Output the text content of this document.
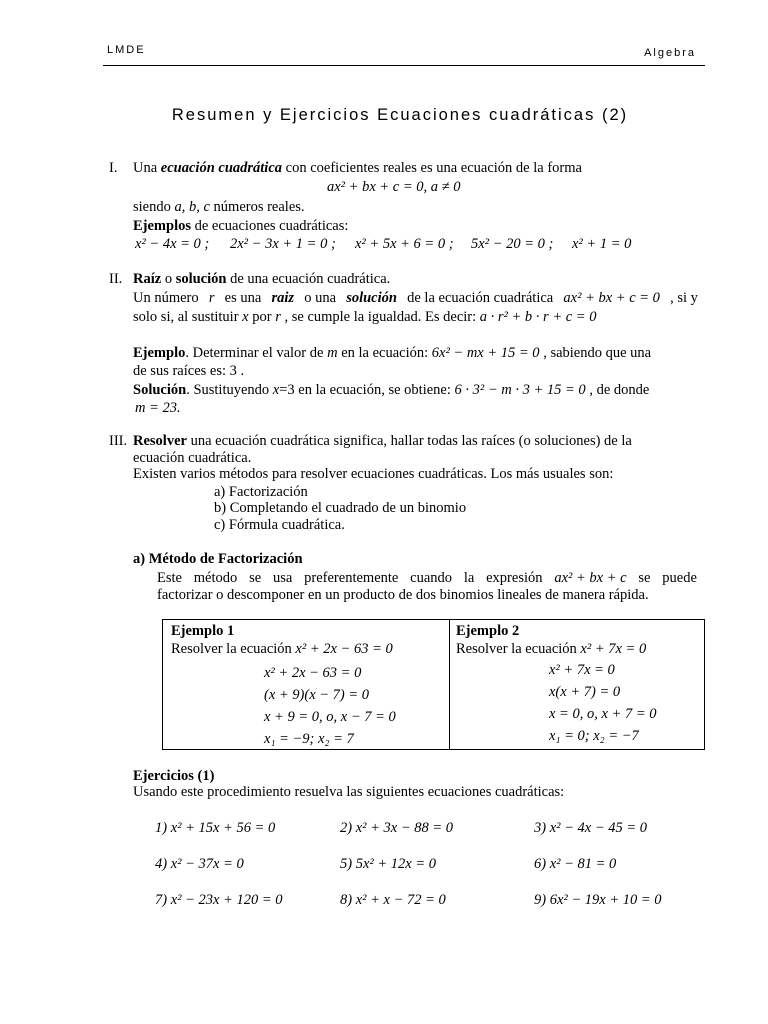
LMDE	Algebra
Resumen y Ejercicios Ecuaciones cuadráticas (2)
I. Una ecuación cuadrática con coeficientes reales es una ecuación de la forma
ax² + bx + c = 0, a ≠ 0
siendo a, b, c números reales.
Ejemplos de ecuaciones cuadráticas:
x² − 4x = 0 ; 2x² − 3x + 1 = 0 ; x² + 5x + 6 = 0 ; 5x² − 20 = 0 ; x² + 1 = 0
II. Raíz o solución de una ecuación cuadrática.
Un número r es una raiz o una solución de la ecuación cuadrática ax² + bx + c = 0 , si y
solo si, al sustituir x por r , se cumple la igualdad. Es decir: a · r² + b · r + c = 0
Ejemplo. Determinar el valor de m en la ecuación: 6x² − mx + 15 = 0 , sabiendo que una
de sus raíces es: 3 .
Solución. Sustituyendo x=3 en la ecuación, se obtiene: 6 · 3² − m · 3 + 15 = 0 , de donde
m = 23.
III. Resolver una ecuación cuadrática significa, hallar todas las raíces (o soluciones) de la
ecuación cuadrática.
Existen varios métodos para resolver ecuaciones cuadráticas. Los más usuales son:
a) Factorización
b) Completando el cuadrado de un binomio
c) Fórmula cuadrática.
a) Método de Factorización
Este método se usa preferentemente cuando la expresión ax² + bx + c se puede
factorizar o descomponer en un producto de dos binomios lineales de manera rápida.
Ejemplo 1
Resolver la ecuación x² + 2x − 63 = 0
x² + 2x − 63 = 0
(x + 9)(x − 7) = 0
x + 9 = 0, o, x − 7 = 0
x₁ = −9; x₂ = 7
Ejemplo 2
Resolver la ecuación x² + 7x = 0
x² + 7x = 0
x(x + 7) = 0
x = 0, o, x + 7 = 0
x₁ = 0; x₂ = −7
Ejercicios (1)
Usando este procedimiento resuelva las siguientes ecuaciones cuadráticas:
1) x² + 15x + 56 = 0	2) x² + 3x − 88 = 0	3) x² − 4x − 45 = 0
4) x² − 37x = 0	5) 5x² + 12x = 0	6) x² − 81 = 0
7) x² − 23x + 120 = 0	8) x² + x − 72 = 0	9) 6x² − 19x + 10 = 0
